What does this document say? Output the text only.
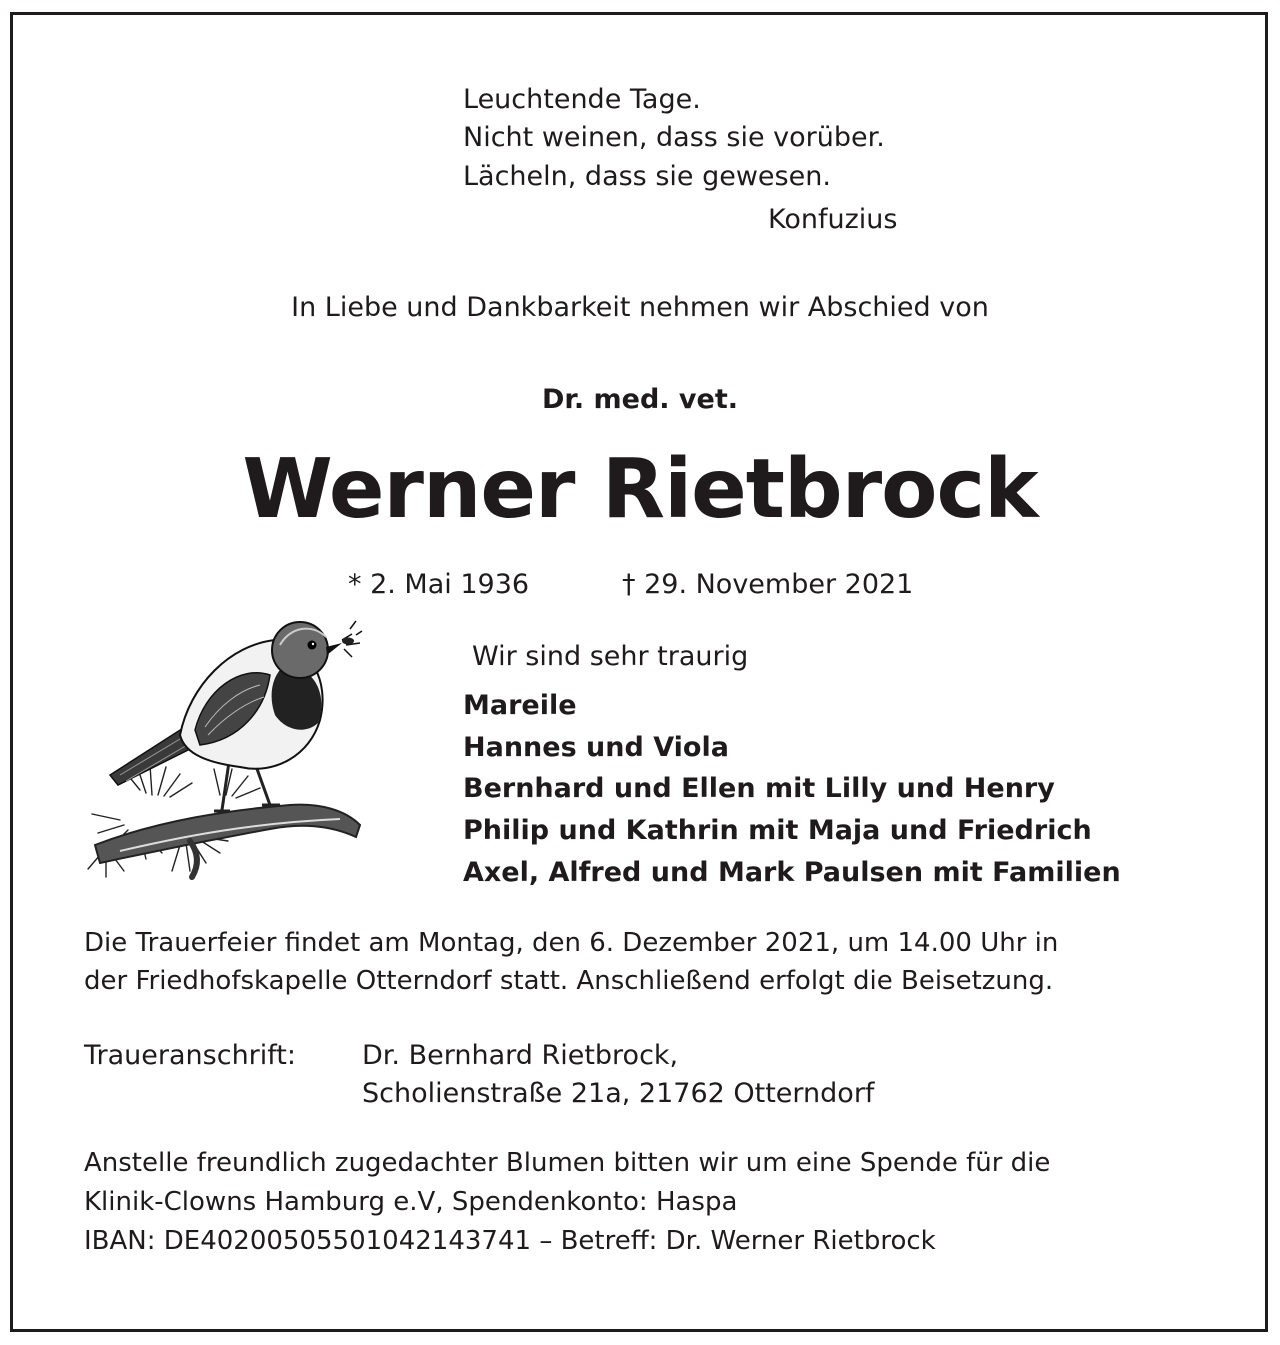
Leuchtende Tage.
Nicht weinen, dass sie vorüber.
Lächeln, dass sie gewesen.
Konfuzius
In Liebe und Dankbarkeit nehmen wir Abschied von
Dr. med. vet.
Werner Rietbrock
* 2. Mai 1936	† 29. November 2021
Wir sind sehr traurig
Mareile
Hannes und Viola
Bernhard und Ellen mit Lilly und Henry
Philip und Kathrin mit Maja und Friedrich
Axel, Alfred und Mark Paulsen mit Familien
Die Trauerfeier findet am Montag, den 6. Dezember 2021, um 14.00 Uhr in
der Friedhofskapelle Otterndorf statt. Anschließend erfolgt die Beisetzung.
Traueranschrift: Dr. Bernhard Rietbrock,
Scholienstraße 21a, 21762 Otterndorf
Anstelle freundlich zugedachter Blumen bitten wir um eine Spende für die
Klinik-Clowns Hamburg e.V, Spendenkonto: Haspa
IBAN: DE40200505501042143741 – Betreff: Dr. Werner Rietbrock
